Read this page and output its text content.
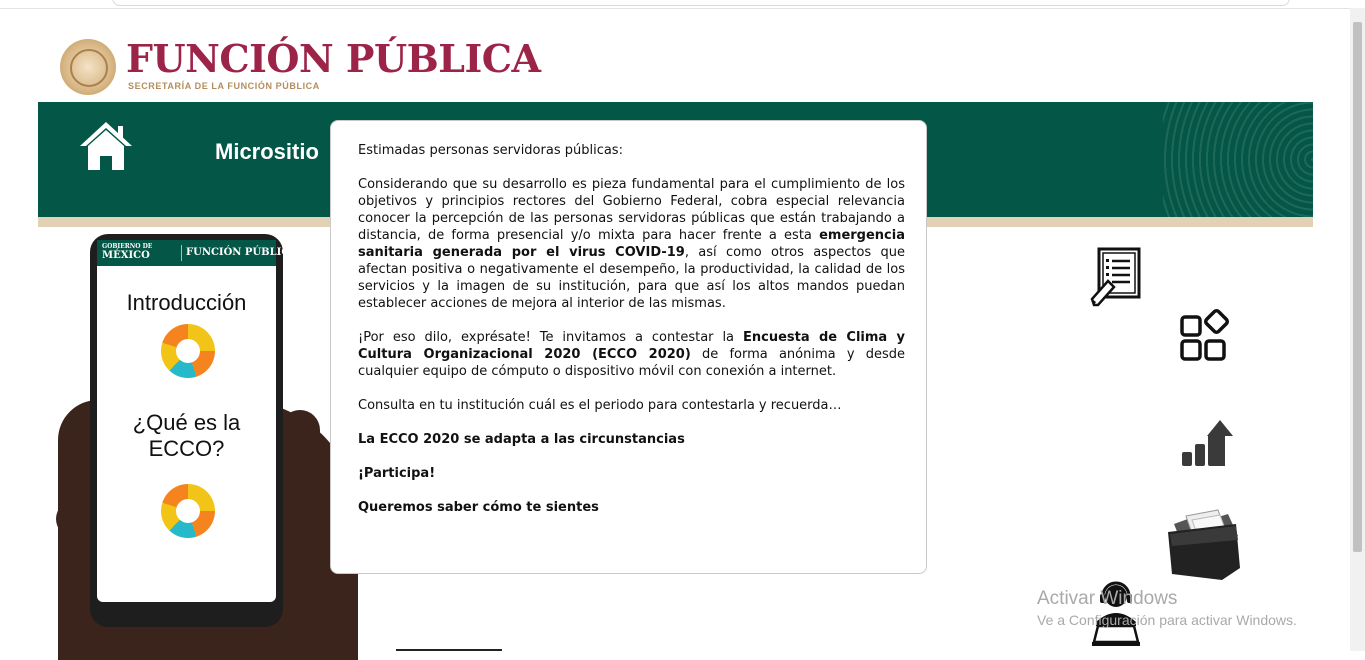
FUNCIÓN PÚBLICA
SECRETARÍA DE LA FUNCIÓN PÚBLICA
Micrositio
GOBIERNO DE
MÉXICO	FUNCIÓN PÚBLICA
Introducción
¿Qué es la ECCO?

Estimadas personas servidoras públicas:

Considerando que su desarrollo es pieza fundamental para el cumplimiento de los objetivos y principios rectores del Gobierno Federal, cobra especial relevancia conocer la percepción de las personas servidoras públicas que están trabajando a distancia, de forma presencial y/o mixta para hacer frente a esta emergencia sanitaria generada por el virus COVID-19, así como otros aspectos que afectan positiva o negativamente el desempeño, la productividad, la calidad de los servicios y la imagen de su institución, para que así los altos mandos puedan establecer acciones de mejora al interior de las mismas.

¡Por eso dilo, exprésate! Te invitamos a contestar la Encuesta de Clima y Cultura Organizacional 2020 (ECCO 2020) de forma anónima y desde cualquier equipo de cómputo o dispositivo móvil con conexión a internet.

Consulta en tu institución cuál es el periodo para contestarla y recuerda…

La ECCO 2020 se adapta a las circunstancias

¡Participa!

Queremos saber cómo te sientes

Activar Windows
Ve a Configuración para activar Windows.
